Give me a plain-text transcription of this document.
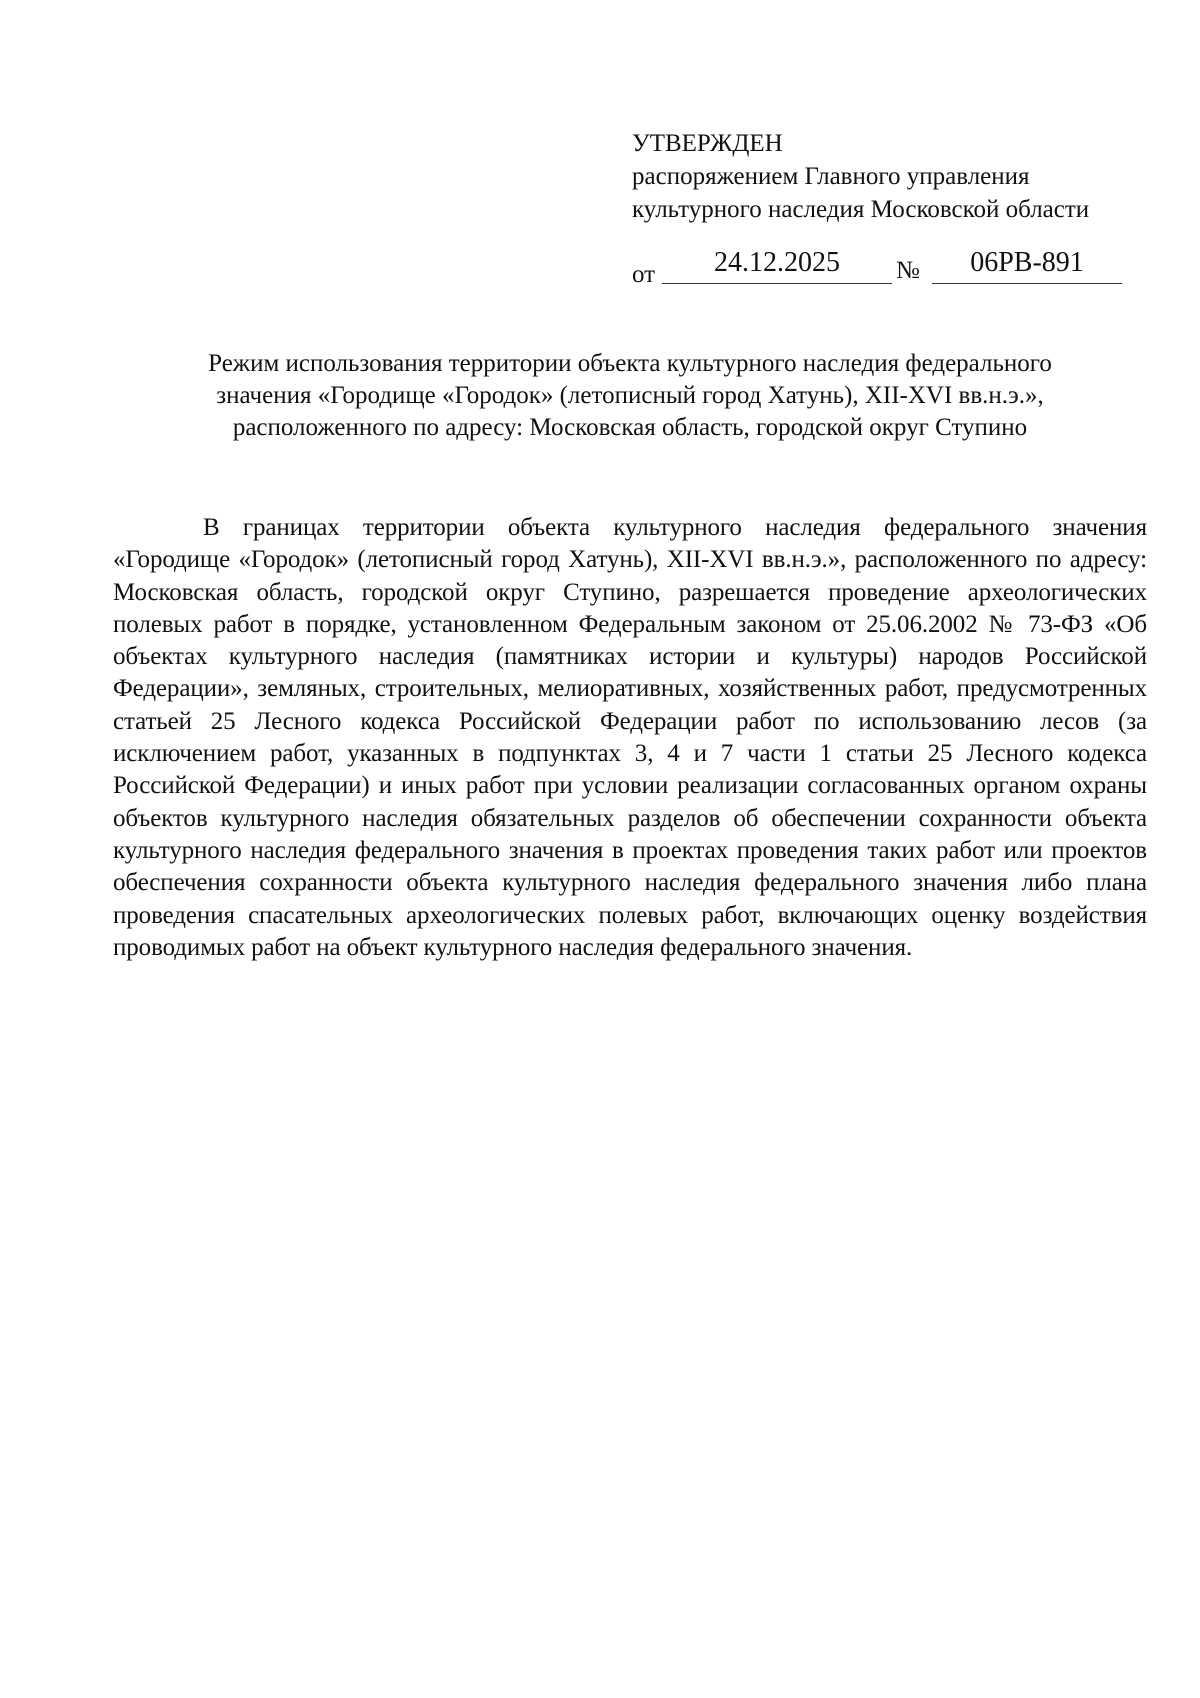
УТВЕРЖДЕН
распоряжением Главного управления
культурного наследия Московской области
от	24.12.2025	№	06РВ-891
Режим использования территории объекта культурного наследия федерального
значения «Городище «Городок» (летописный город Хатунь), XII-XVI вв.н.э.»,
расположенного по адресу: Московская область, городской округ Ступино

В границах территории объекта культурного наследия федерального значения «Городище «Городок» (летописный город Хатунь), XII-XVI вв.н.э.», расположенного по адресу: Московская область, городской округ Ступино, разрешается проведение археологических полевых работ в порядке, установленном Федеральным законом от 25.06.2002 № 73-ФЗ «Об объектах культурного наследия (памятниках истории и культуры) народов Российской Федерации», земляных, строительных, мелиоративных, хозяйственных работ, предусмотренных статьей 25 Лесного кодекса Российской Федерации работ по использованию лесов (за исключением работ, указанных в подпунктах 3, 4 и 7 части 1 статьи 25 Лесного кодекса Российской Федерации) и иных работ при условии реализации согласованных органом охраны объектов культурного наследия обязательных разделов об обеспечении сохранности объекта культурного наследия федерального значения в проектах проведения таких работ или проектов обеспечения сохранности объекта культурного наследия федерального значения либо плана проведения спасательных археологических полевых работ, включающих оценку воздействия проводимых работ на объект культурного наследия федерального значения.
